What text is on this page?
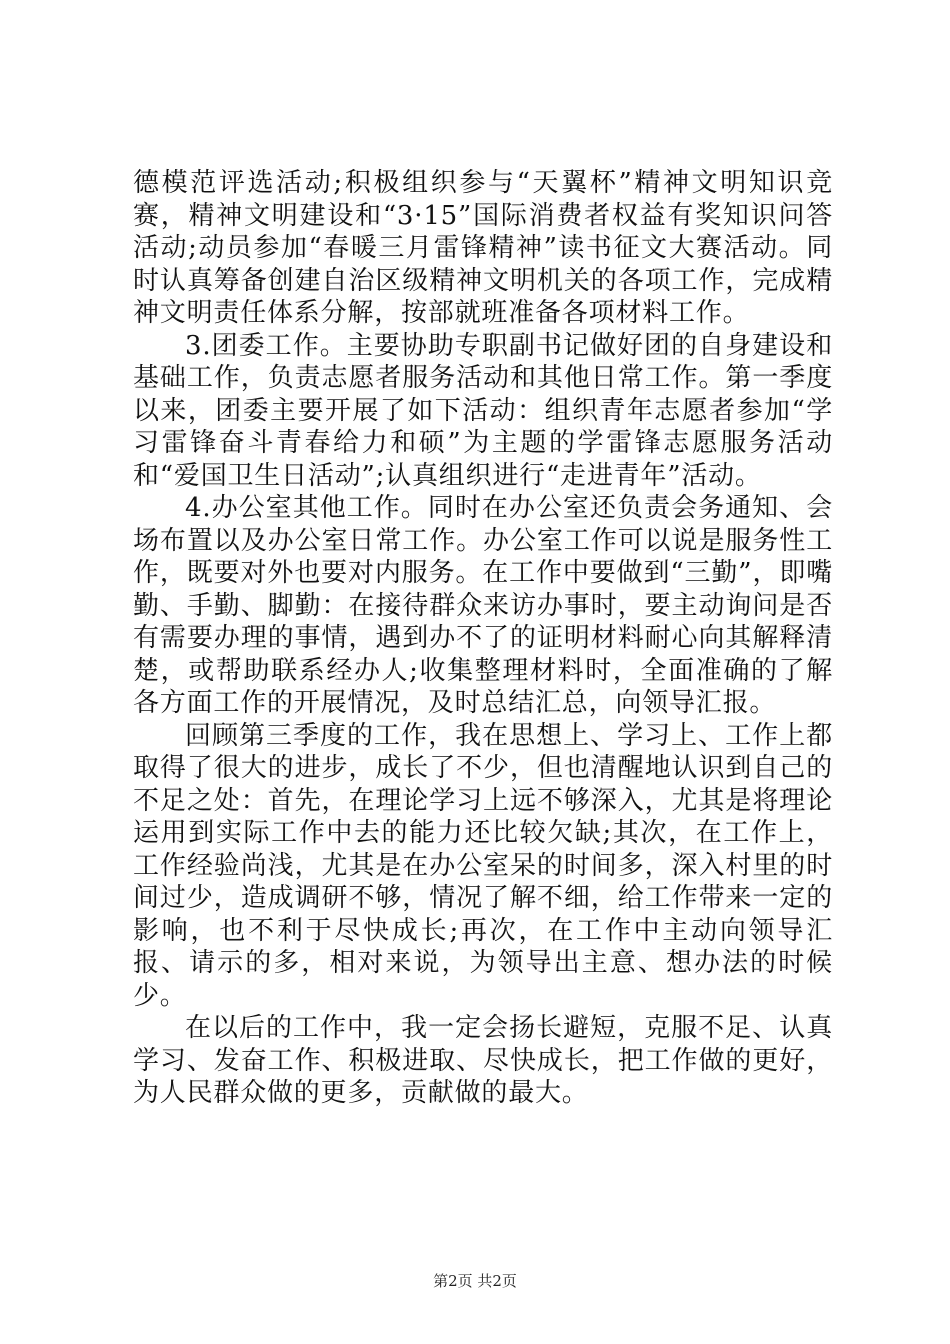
德模范评选活动;积极组织参与“天翼杯”精神文明知识竞赛，精神文明建设和“3·15”国际消费者权益有奖知识问答活动;动员参加“春暖三月雷锋精神”读书征文大赛活动。同时认真筹备创建自治区级精神文明机关的各项工作，完成精神文明责任体系分解，按部就班准备各项材料工作。

3.团委工作。主要协助专职副书记做好团的自身建设和基础工作，负责志愿者服务活动和其他日常工作。第一季度以来，团委主要开展了如下活动：组织青年志愿者参加“学习雷锋奋斗青春给力和硕”为主题的学雷锋志愿服务活动和“爱国卫生日活动”;认真组织进行“走进青年”活动。

4.办公室其他工作。同时在办公室还负责会务通知、会场布置以及办公室日常工作。办公室工作可以说是服务性工作，既要对外也要对内服务。在工作中要做到“三勤”，即嘴勤、手勤、脚勤：在接待群众来访办事时，要主动询问是否有需要办理的事情，遇到办不了的证明材料耐心向其解释清楚，或帮助联系经办人;收集整理材料时，全面准确的了解各方面工作的开展情况，及时总结汇总，向领导汇报。

回顾第三季度的工作，我在思想上、学习上、工作上都取得了很大的进步，成长了不少，但也清醒地认识到自己的不足之处：首先，在理论学习上远不够深入，尤其是将理论运用到实际工作中去的能力还比较欠缺;其次，在工作上，工作经验尚浅，尤其是在办公室呆的时间多，深入村里的时间过少，造成调研不够，情况了解不细，给工作带来一定的影响，也不利于尽快成长;再次，在工作中主动向领导汇报、请示的多，相对来说，为领导出主意、想办法的时候少。

在以后的工作中，我一定会扬长避短，克服不足、认真学习、发奋工作、积极进取、尽快成长，把工作做的更好，为人民群众做的更多，贡献做的最大。

第2页 共2页
